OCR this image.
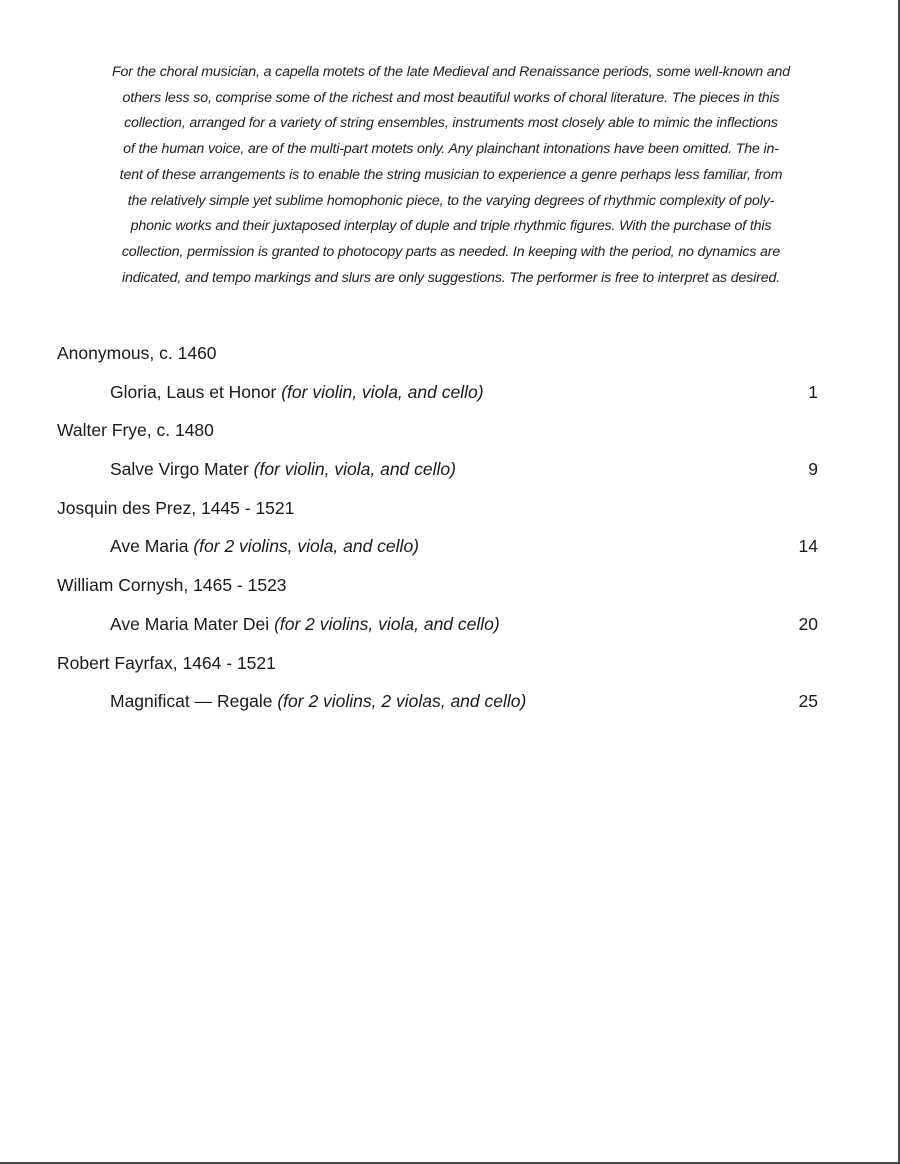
For the choral musician, a capella motets of the late Medieval and Renaissance periods, some well-known and
others less so, comprise some of the richest and most beautiful works of choral literature. The pieces in this
collection, arranged for a variety of string ensembles, instruments most closely able to mimic the inflections
of the human voice, are of the multi-part motets only. Any plainchant intonations have been omitted. The in-
tent of these arrangements is to enable the string musician to experience a genre perhaps less familiar, from
the relatively simple yet sublime homophonic piece, to the varying degrees of rhythmic complexity of poly-
phonic works and their juxtaposed interplay of duple and triple rhythmic figures. With the purchase of this
collection, permission is granted to photocopy parts as needed. In keeping with the period, no dynamics are
indicated, and tempo markings and slurs are only suggestions. The performer is free to interpret as desired.
Anonymous, c. 1460
Gloria, Laus et Honor (for violin, viola, and cello)	1
Walter Frye, c. 1480
Salve Virgo Mater (for violin, viola, and cello)	9
Josquin des Prez, 1445 - 1521
Ave Maria (for 2 violins, viola, and cello)	14
William Cornysh, 1465 - 1523
Ave Maria Mater Dei (for 2 violins, viola, and cello)	20
Robert Fayrfax, 1464 - 1521
Magnificat — Regale (for 2 violins, 2 violas, and cello)	25
